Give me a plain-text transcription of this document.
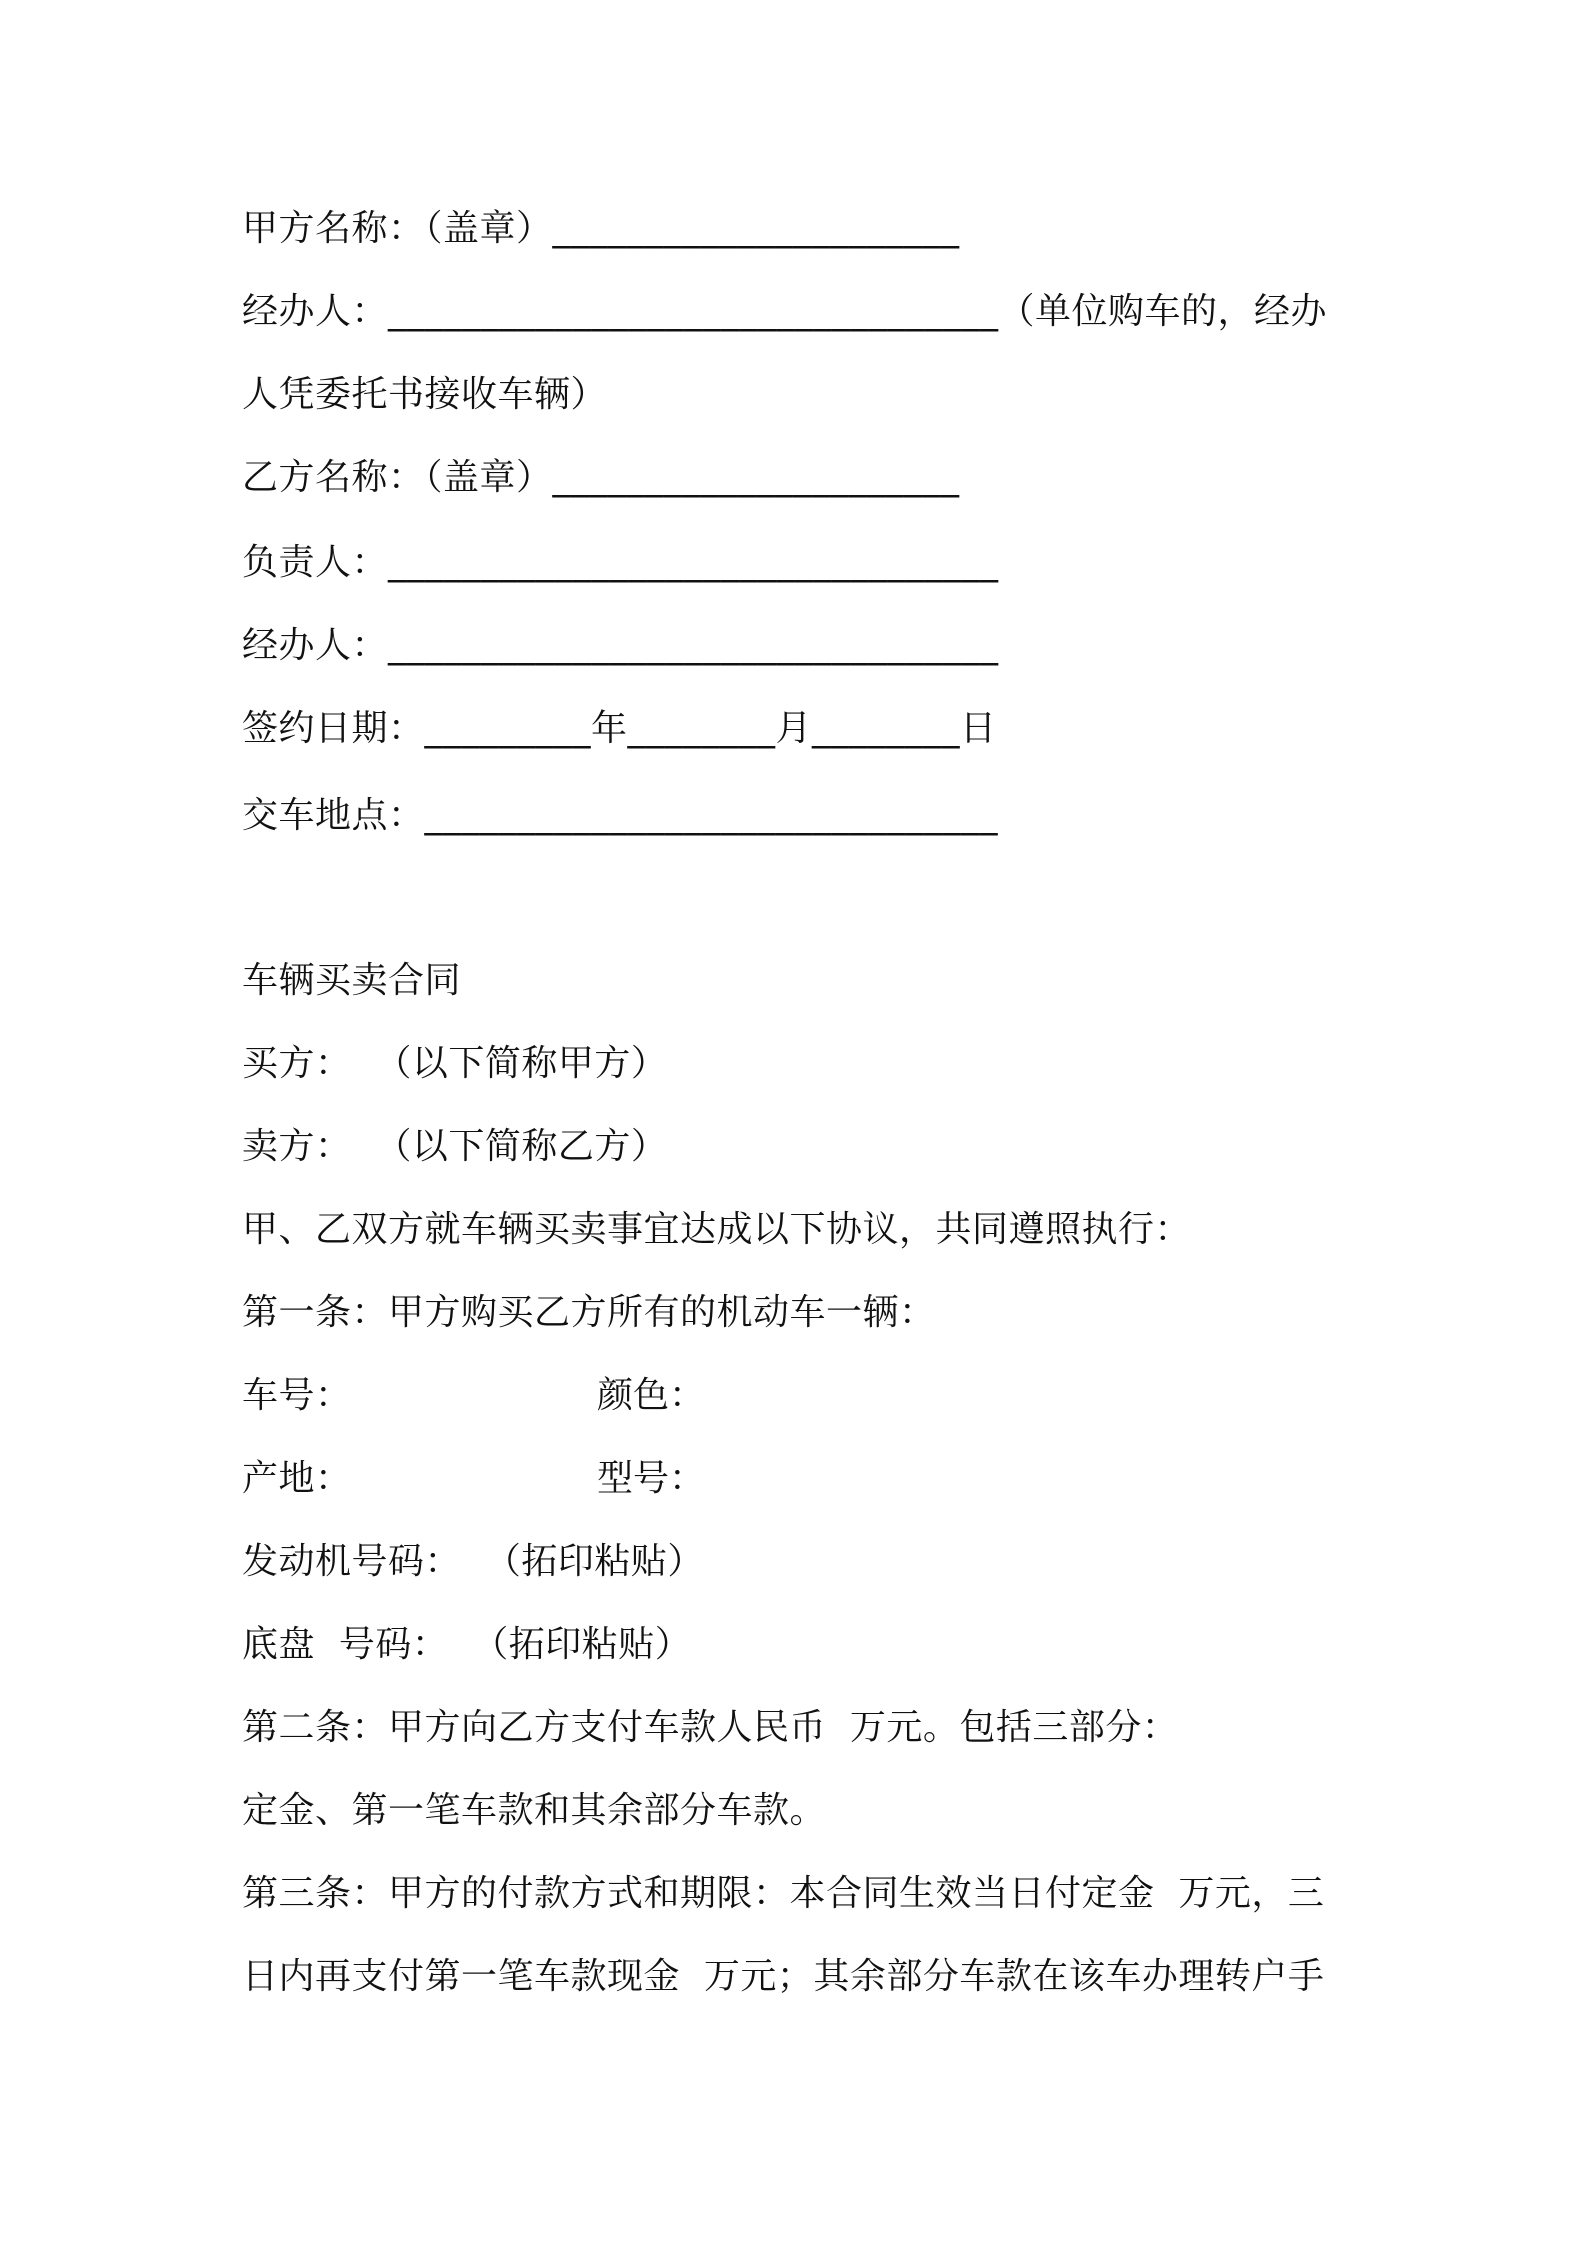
甲方名称：（盖章）______________________
经办人：_________________________________（单位购车的，经办
人凭委托书接收车辆）
乙方名称：（盖章）______________________
负责人：_________________________________
经办人：_________________________________
签约日期：_________年________月________日
交车地点：_______________________________
车辆买卖合同
买方：  （以下简称甲方）
卖方：  （以下简称乙方）
甲、乙双方就车辆买卖事宜达成以下协议，共同遵照执行：
第一条：甲方购买乙方所有的机动车一辆：
车号：	颜色：
产地：	型号：
发动机号码：  （拓印粘贴）
底盘  号码：  （拓印粘贴）
第二条：甲方向乙方支付车款人民币  万元。包括三部分：
定金、第一笔车款和其余部分车款。
第三条：甲方的付款方式和期限：本合同生效当日付定金  万元，三
日内再支付第一笔车款现金  万元；其余部分车款在该车办理转户手
